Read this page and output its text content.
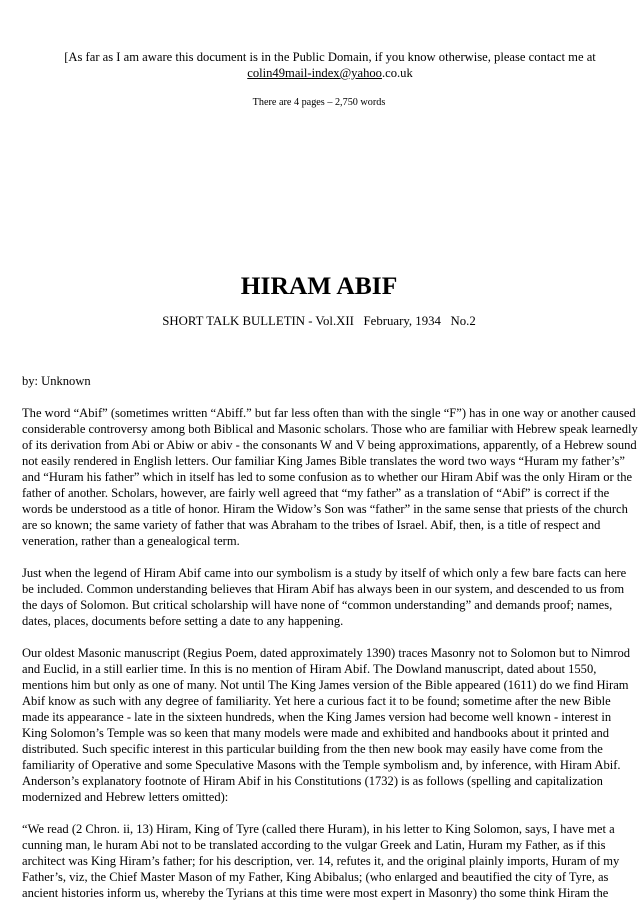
[As far as I am aware this document is in the Public Domain, if you know otherwise, please contact me at
colin49mail-index@yahoo.co.uk
There are 4 pages – 2,750 words
HIRAM ABIF
SHORT TALK BULLETIN - Vol.XII   February, 1934   No.2

by: Unknown

The word “Abif” (sometimes written “Abiff.” but far less often than with the single “F”) has in one way or another caused considerable controversy among both Biblical and Masonic scholars. Those who are familiar with Hebrew speak learnedly of its derivation from Abi or Abiw or abiv - the consonants W and V being approximations, apparently, of a Hebrew sound not easily rendered in English letters. Our familiar King James Bible translates the word two ways “Huram my father’s” and “Huram his father” which in itself has led to some confusion as to whether our Hiram Abif was the only Hiram or the father of another. Scholars, however, are fairly well agreed that “my father” as a translation of “Abif” is correct if the words be understood as a title of honor. Hiram the Widow’s Son was “father” in the same sense that priests of the church are so known; the same variety of father that was Abraham to the tribes of Israel. Abif, then, is a title of respect and veneration, rather than a genealogical term.

Just when the legend of Hiram Abif came into our symbolism is a study by itself of which only a few bare facts can here be included. Common understanding believes that Hiram Abif has always been in our system, and descended to us from the days of Solomon. But critical scholarship will have none of “common understanding” and demands proof; names, dates, places, documents before setting a date to any happening.

Our oldest Masonic manuscript (Regius Poem, dated approximately 1390) traces Masonry not to Solomon but to Nimrod and Euclid, in a still earlier time. In this is no mention of Hiram Abif. The Dowland manuscript, dated about 1550, mentions him but only as one of many. Not until The King James version of the Bible appeared (1611) do we find Hiram Abif know as such with any degree of familiarity. Yet here a curious fact it to be found; sometime after the new Bible made its appearance - late in the sixteen hundreds, when the King James version had become well known - interest in King Solomon’s Temple was so keen that many models were made and exhibited and handbooks about it printed and distributed. Such specific interest in this particular building from the then new book may easily have come from the familiarity of Operative and some Speculative Masons with the Temple symbolism and, by inference, with Hiram Abif. Anderson’s explanatory footnote of Hiram Abif in his Constitutions (1732) is as follows (spelling and capitalization modernized and Hebrew letters omitted):

“We read (2 Chron. ii, 13) Hiram, King of Tyre (called there Huram), in his letter to King Solomon, says, I have met a cunning man, le huram Abi not to be translated according to the vulgar Greek and Latin, Huram my Father, as if this architect was King Hiram’s father; for his description, ver. 14, refutes it, and the original plainly imports, Huram of my Father’s, viz, the Chief Master Mason of my Father, King Abibalus; (who enlarged and beautified the city of Tyre, as ancient histories inform us, whereby the Tyrians at this time were most expert in Masonry) tho some think Hiram the
